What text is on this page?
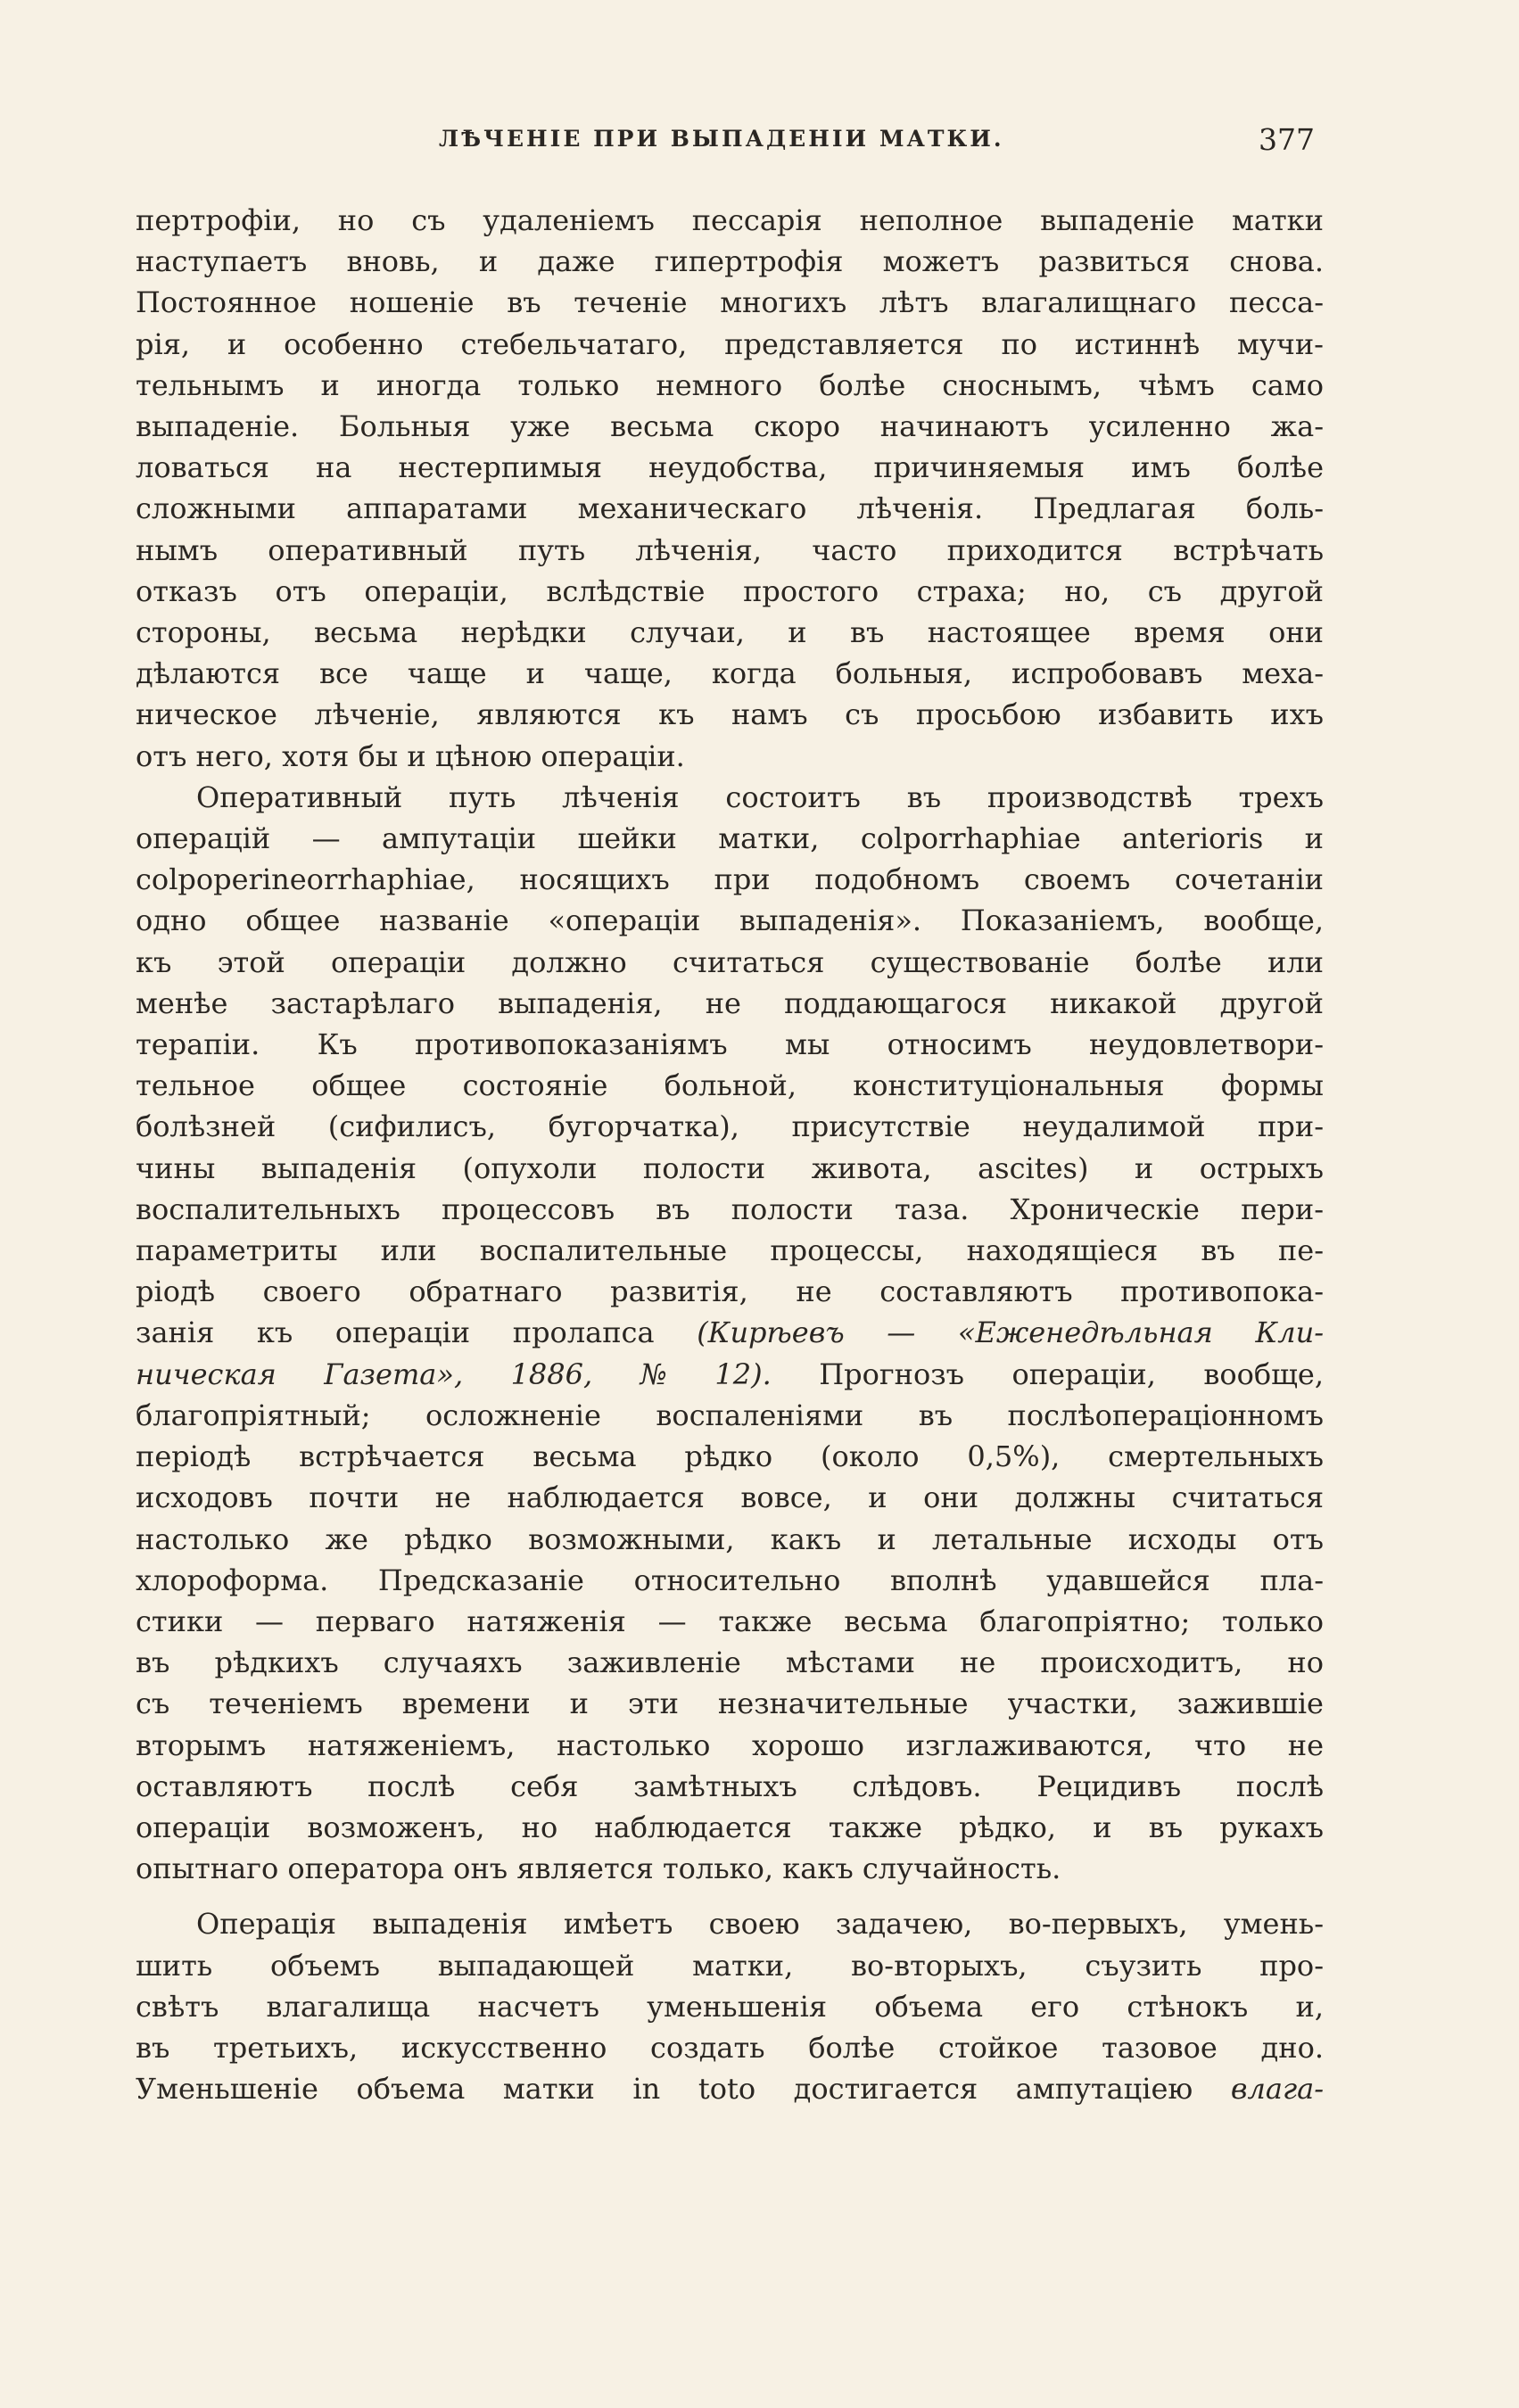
ЛѢЧЕНІЕ ПРИ ВЫПАДЕНІИ МАТКИ.	377
пертрофіи, но съ удаленіемъ пессарія неполное выпаденіе матки
наступаетъ вновь, и даже гипертрофія можетъ развиться снова.
Постоянное ношеніе въ теченіе многихъ лѣтъ влагалищнаго песса-
рія, и особенно стебельчатаго, представляется по истиннѣ мучи-
тельнымъ и иногда только немного болѣе сноснымъ, чѣмъ само
выпаденіе. Больныя уже весьма скоро начинаютъ усиленно жа-
ловаться на нестерпимыя неудобства, причиняемыя имъ болѣе
сложными аппаратами механическаго лѣченія. Предлагая боль-
нымъ оперативный путь лѣченія, часто приходится встрѣчать
отказъ отъ операціи, вслѣдствіе простого страха; но, съ другой
стороны, весьма нерѣдки случаи, и въ настоящее время они
дѣлаются все чаще и чаще, когда больныя, испробовавъ меха-
ническое лѣченіе, являются къ намъ съ просьбою избавить ихъ
отъ него, хотя бы и цѣною операціи.
Оперативный путь лѣченія состоитъ въ производствѣ трехъ
операцій — ампутаціи шейки матки, colporrhaphiae anterioris и
colpoperineorrhaphiae, носящихъ при подобномъ своемъ сочетаніи
одно общее названіе «операціи выпаденія». Показаніемъ, вообще,
къ этой операціи должно считаться существованіе болѣе или
менѣе застарѣлаго выпаденія, не поддающагося никакой другой
терапіи. Къ противопоказаніямъ мы относимъ неудовлетвори-
тельное общее состояніе больной, конституціональныя формы
болѣзней (сифилисъ, бугорчатка), присутствіе неудалимой при-
чины выпаденія (опухоли полости живота, ascites) и острыхъ
воспалительныхъ процессовъ въ полости таза. Хроническіе пери-
параметриты или воспалительные процессы, находящіеся въ пе-
ріодѣ своего обратнаго развитія, не составляютъ противопока-
занія къ операціи пролапса (Кирѣевъ — «Еженедѣльная Кли-
ническая Газета», 1886, № 12). Прогнозъ операціи, вообще,
благопріятный; осложненіе воспаленіями въ послѣопераціонномъ
періодѣ встрѣчается весьма рѣдко (около 0,5%), смертельныхъ
исходовъ почти не наблюдается вовсе, и они должны считаться
настолько же рѣдко возможными, какъ и летальные исходы отъ
хлороформа. Предсказаніе относительно вполнѣ удавшейся пла-
стики — перваго натяженія — также весьма благопріятно; только
въ рѣдкихъ случаяхъ заживленіе мѣстами не происходитъ, но
съ теченіемъ времени и эти незначительные участки, зажившіе
вторымъ натяженіемъ, настолько хорошо изглаживаются, что не
оставляютъ послѣ себя замѣтныхъ слѣдовъ. Рецидивъ послѣ
операціи возможенъ, но наблюдается также рѣдко, и въ рукахъ
опытнаго оператора онъ является только, какъ случайность.
Операція выпаденія имѣетъ своею задачею, во-первыхъ, умень-
шить объемъ выпадающей матки, во-вторыхъ, съузить про-
свѣтъ влагалища насчетъ уменьшенія объема его стѣнокъ и,
въ третьихъ, искусственно создать болѣе стойкое тазовое дно.
Уменьшеніе объема матки in toto достигается ампутаціею влага-
